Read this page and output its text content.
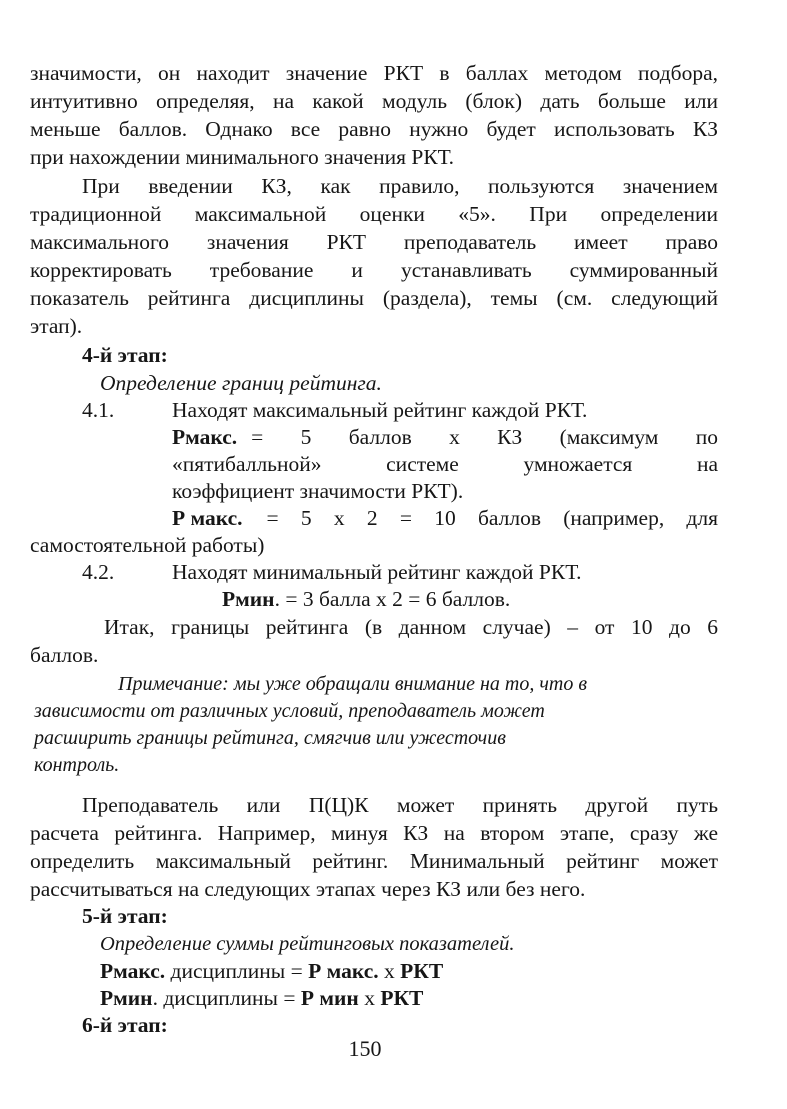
значимости, он находит значение РКТ в баллах методом подбора,
интуитивно определяя, на какой модуль (блок) дать больше или
меньше баллов. Однако все равно нужно будет использовать КЗ
при нахождении минимального значения РКТ.
При введении КЗ, как правило, пользуются значением
традиционной максимальной оценки «5». При определении
максимального значения РКТ преподаватель имеет право
корректировать требование и устанавливать суммированный
показатель рейтинга дисциплины (раздела), темы (см. следующий
этап).
4-й этап:
Определение границ рейтинга.
4.1.	Находят максимальный рейтинг каждой РКТ.
Рмакс. = 5 баллов х КЗ (максимум по
«пятибалльной» системе умножается на
коэффициент значимости РКТ).
Р макс. = 5 х 2 = 10 баллов (например, для
самостоятельной работы)
4.2.	Находят минимальный рейтинг каждой РКТ.
Рмин. = 3 балла х 2 = 6 баллов.
Итак, границы рейтинга (в данном случае) – от 10 до 6
баллов.
Примечание: мы уже обращали внимание на то, что в
зависимости от различных условий, преподаватель может
расширить границы рейтинга, смягчив или ужесточив
контроль.
Преподаватель или П(Ц)К может принять другой путь
расчета рейтинга. Например, минуя КЗ на втором этапе, сразу же
определить максимальный рейтинг. Минимальный рейтинг может
рассчитываться на следующих этапах через КЗ или без него.
5-й этап:
Определение суммы рейтинговых показателей.
Рмакс. дисциплины = Р макс. х РКТ
Рмин. дисциплины = Р мин х РКТ
6-й этап:
150
